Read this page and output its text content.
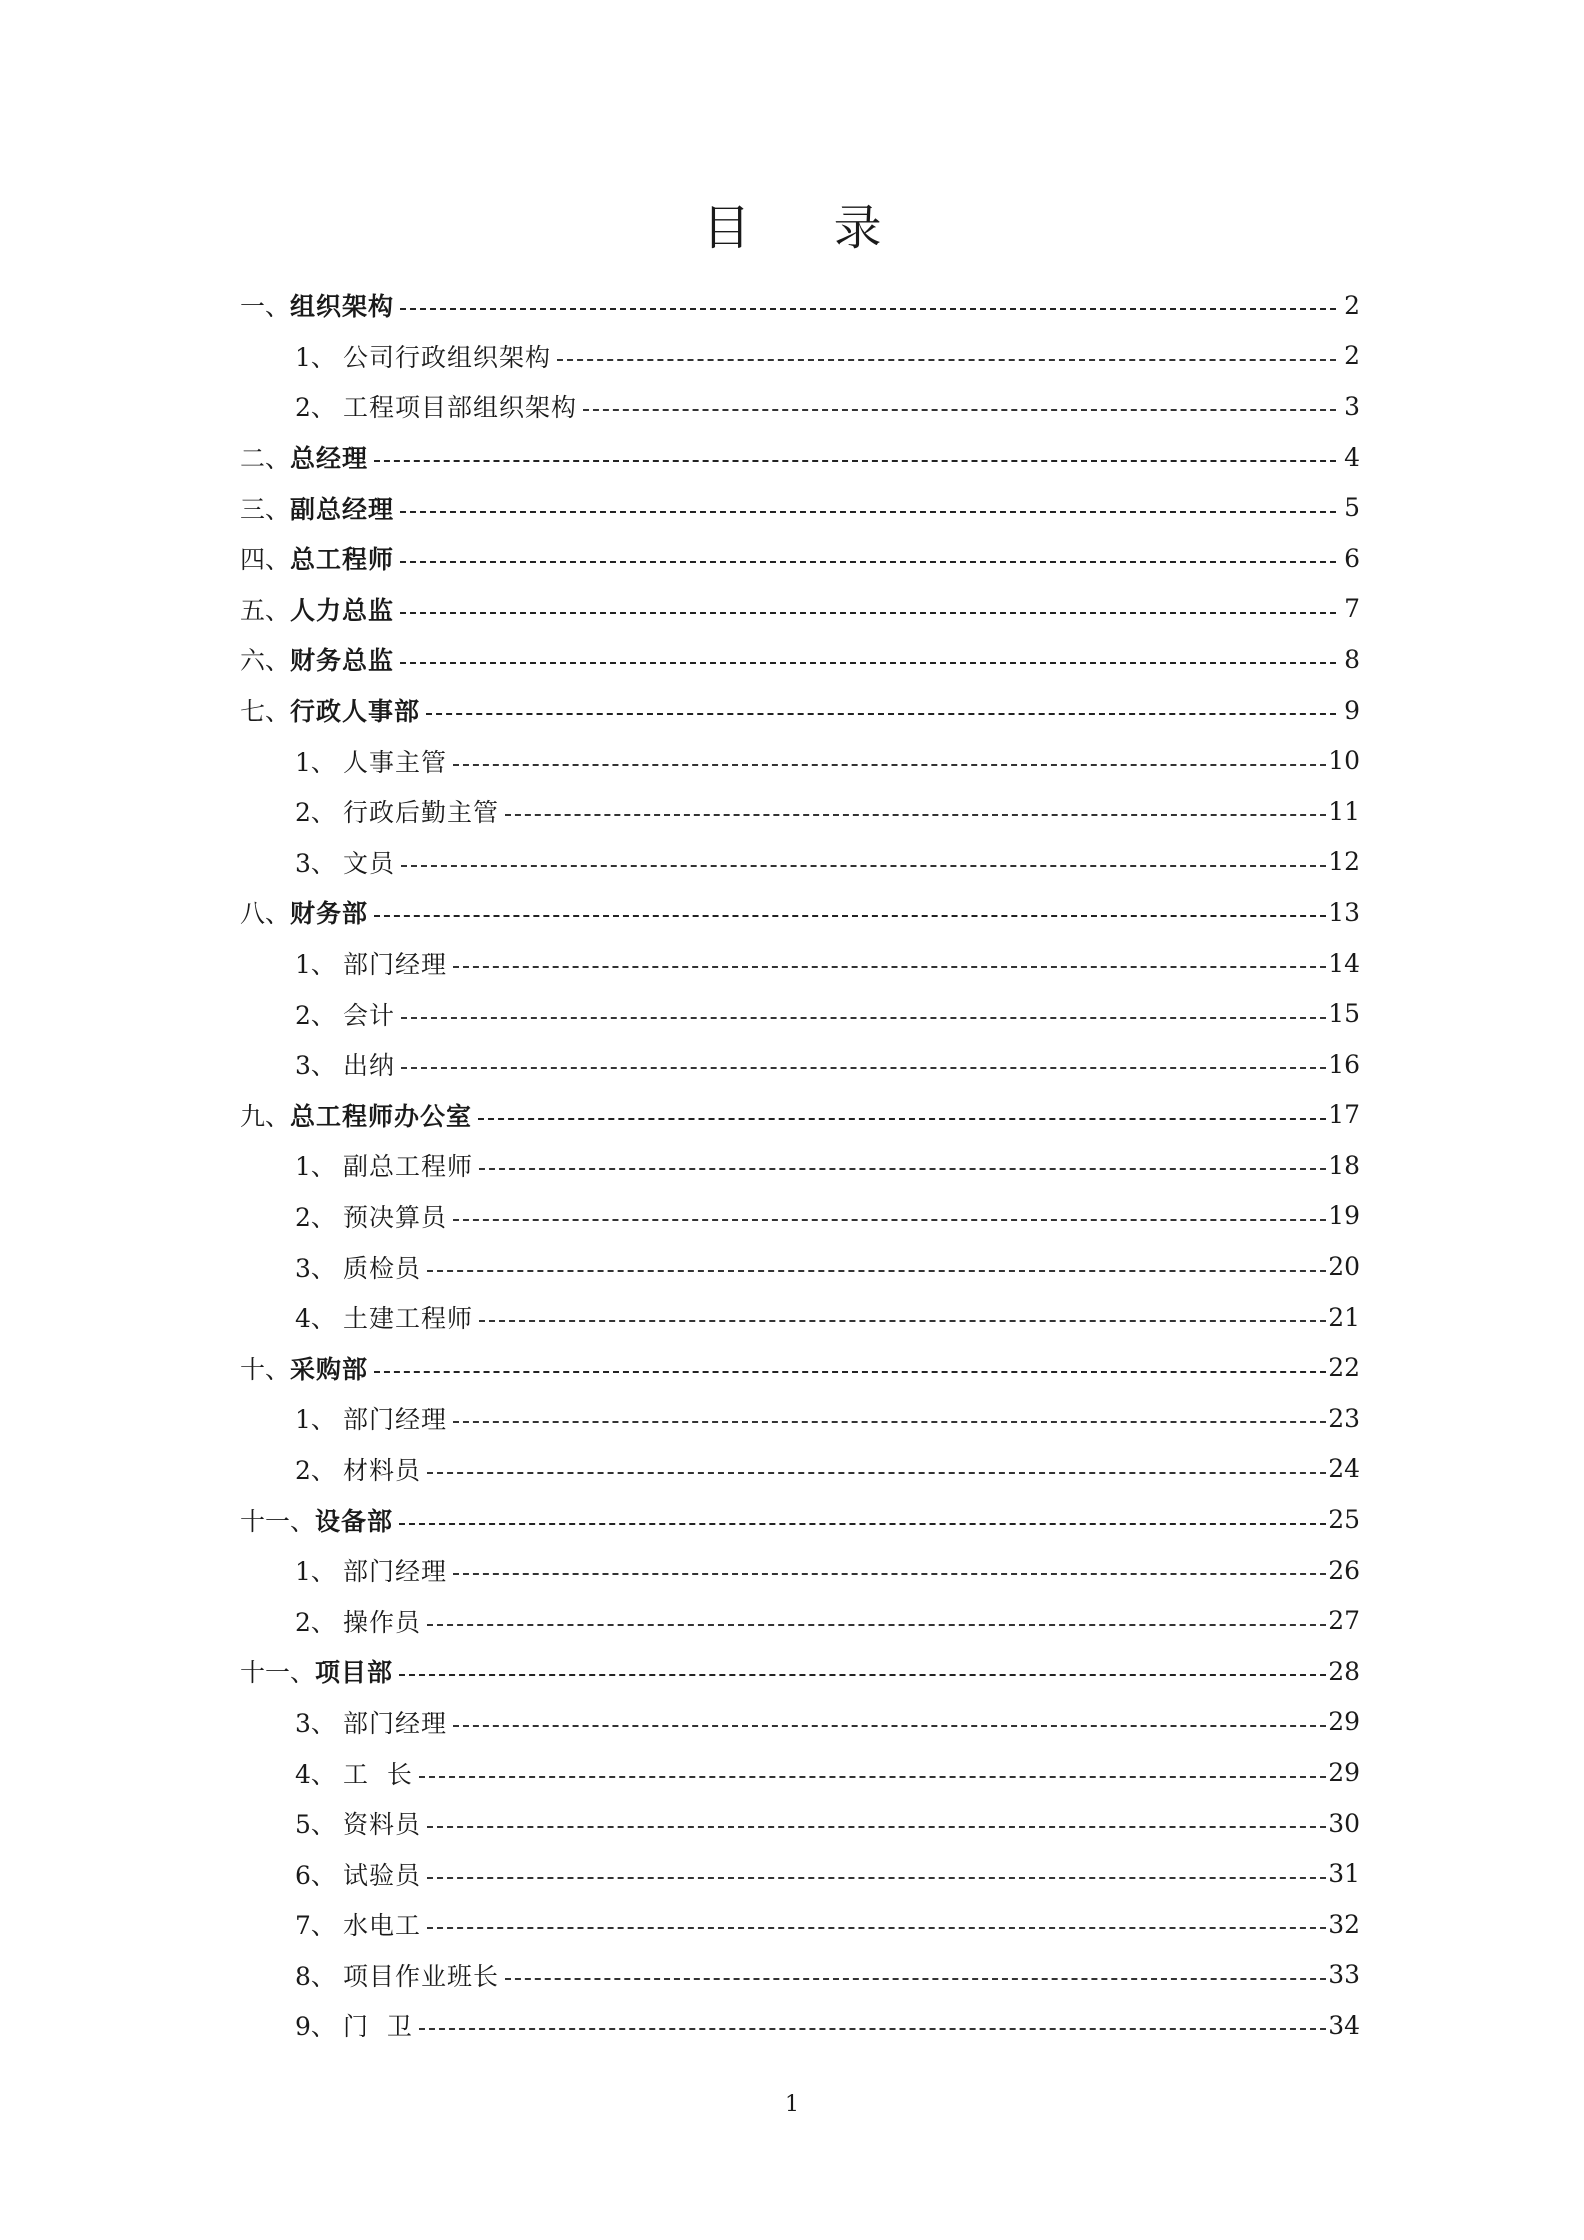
目 录
一、 组织架构	2
1、 公司行政组织架构	2
2、 工程项目部组织架构	3
二、 总经理	4
三、 副总经理	5
四、 总工程师	6
五、 人力总监	7
六、 财务总监	8
七、 行政人事部	9
1、 人事主管	10
2、 行政后勤主管	11
3、 文员	12
八、 财务部	13
1、 部门经理	14
2、 会计	15
3、 出纳	16
九、 总工程师办公室	17
1、 副总工程师	18
2、 预决算员	19
3、 质检员	20
4、 土建工程师	21
十、 采购部	22
1、 部门经理	23
2、 材料员	24
十一、 设备部	25
1、 部门经理	26
2、 操作员	27
十一、 项目部	28
3、 部门经理	29
4、 工  长	29
5、 资料员	30
6、 试验员	31
7、 水电工	32
8、 项目作业班长	33
9、 门  卫	34
1
